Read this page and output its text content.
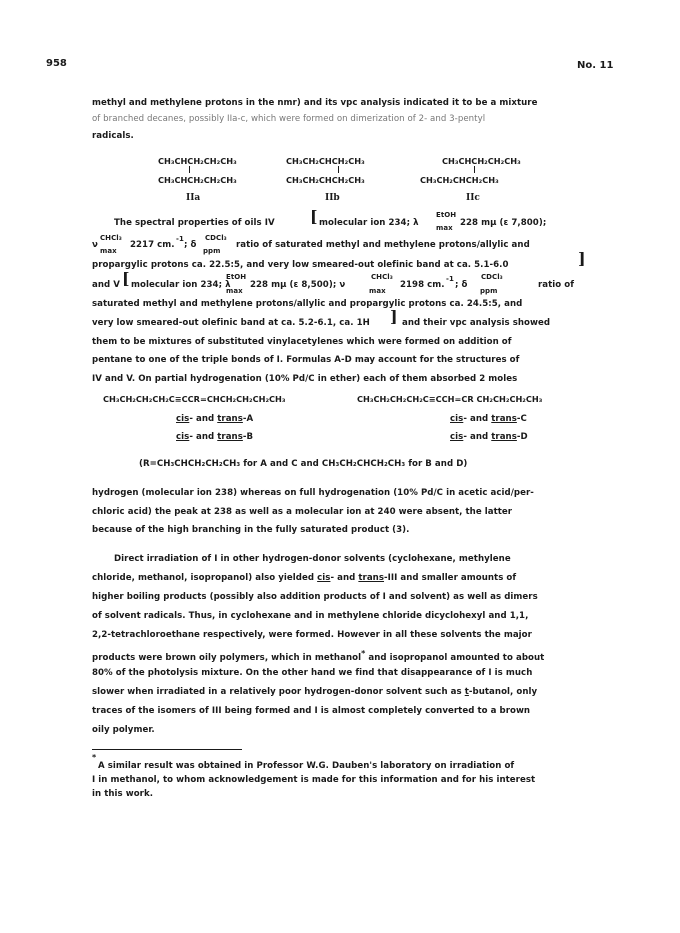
958	No. 11
methyl and methylene protons in the nmr) and its vpc analysis indicated it to be a mixture
of branched decanes, possibly IIa-c, which were formed on dimerization of 2- and 3-pentyl
radicals.
CH₃CHCH₂CH₂CH₃
CH₃CHCH₂CH₂CH₃
IIa
CH₃CH₂CHCH₂CH₃
CH₃CH₂CHCH₂CH₃
IIb
CH₃CHCH₂CH₂CH₃
CH₃CH₂CHCH₂CH₃
IIc
The spectral properties of oils IV [ molecular ion 234; λ
EtOH
max 228 mμ (ε 7,800);
ν
CHCl₃
max
2217 cm.
-1
; δ
CDCl₃
ppm
ratio of saturated methyl and methylene protons/allylic and
propargylic protons ca. 22.5:5, and very low smeared-out olefinic band at ca. 5.1-6.0	]
and V [ molecular ion 234; λ
EtOH
max
228 mμ (ε 8,500); ν
CHCl₃
max
2198 cm.
-1
; δ
CDCl₃
ppm
ratio of
saturated methyl and methylene protons/allylic and propargylic protons ca. 24.5:5, and
very low smeared-out olefinic band at ca. 5.2-6.1, ca. 1H ] and their vpc analysis showed
them to be mixtures of substituted vinylacetylenes which were formed on addition of
pentane to one of the triple bonds of I. Formulas A-D may account for the structures of
IV and V. On partial hydrogenation (10% Pd/C in ether) each of them absorbed 2 moles
CH₃CH₂CH₂CH₂C≡CCR=CHCH₂CH₂CH₂CH₃	CH₃CH₂CH₂CH₂C≡CCH=CR CH₂CH₂CH₂CH₃
cis- and trans-A
cis- and trans-B
cis- and trans-C
cis- and trans-D
(R=CH₃CHCH₂CH₂CH₃ for A and C and CH₃CH₂CHCH₂CH₃ for B and D)
hydrogen (molecular ion 238) whereas on full hydrogenation (10% Pd/C in acetic acid/per-
chloric acid) the peak at 238 as well as a molecular ion at 240 were absent, the latter
because of the high branching in the fully saturated product (3).
Direct irradiation of I in other hydrogen-donor solvents (cyclohexane, methylene
chloride, methanol, isopropanol) also yielded cis- and trans-III and smaller amounts of
higher boiling products (possibly also addition products of I and solvent) as well as dimers
of solvent radicals. Thus, in cyclohexane and in methylene chloride dicyclohexyl and 1,1,
2,2-tetrachloroethane respectively, were formed. However in all these solvents the major
products were brown oily polymers, which in methanol* and isopropanol amounted to about
80% of the photolysis mixture. On the other hand we find that disappearance of I is much
slower when irradiated in a relatively poor hydrogen-donor solvent such as t-butanol, only
traces of the isomers of III being formed and I is almost completely converted to a brown
oily polymer.
*
A similar result was obtained in Professor W.G. Dauben's laboratory on irradiation of
I in methanol, to whom acknowledgement is made for this information and for his interest
in this work.
